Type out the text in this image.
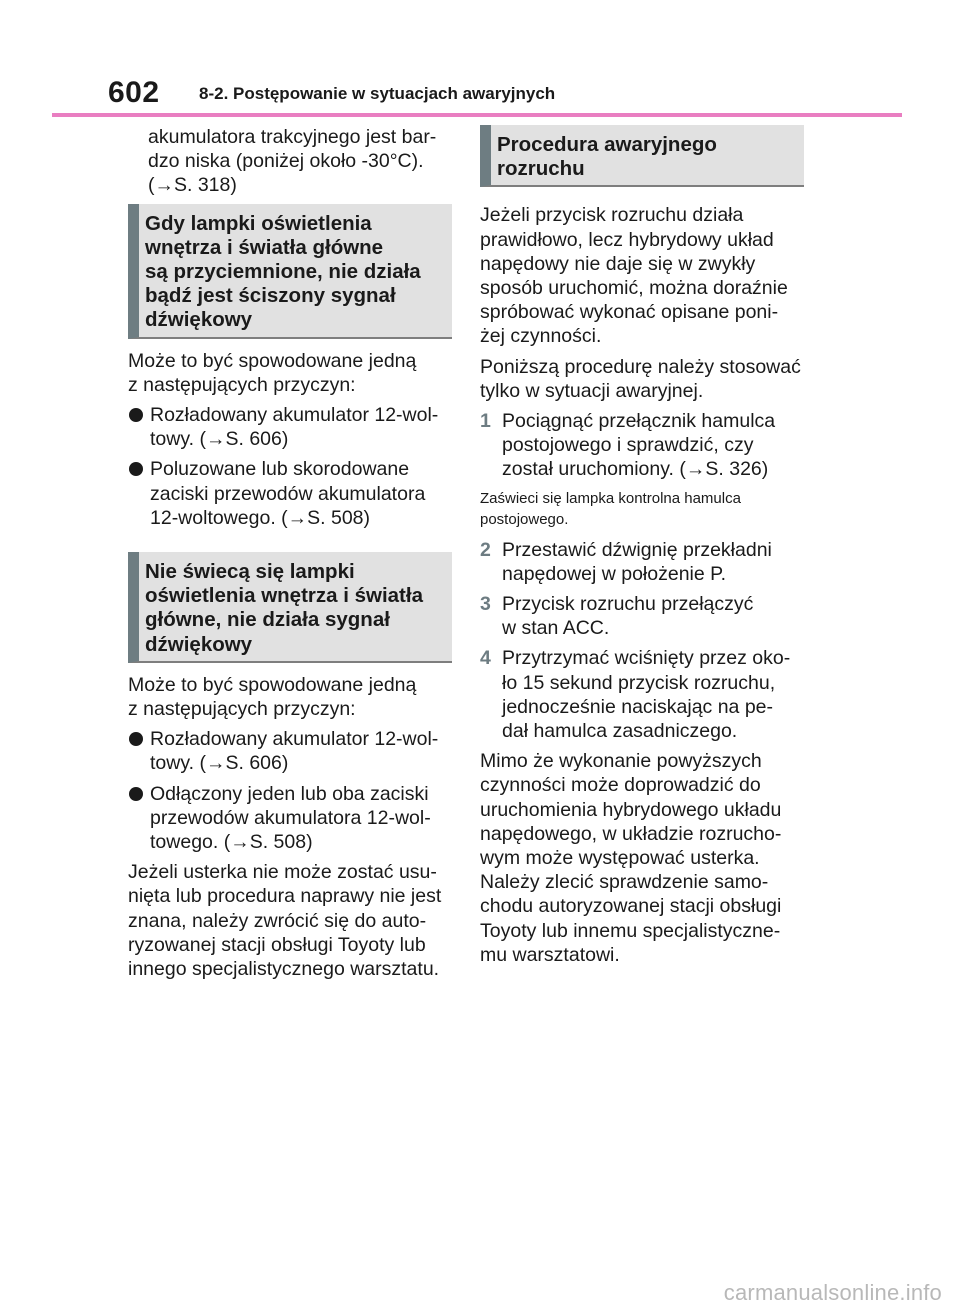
602 8-2. Postępowanie w sytuacjach awaryjnych

akumulatora trakcyjnego jest bar-
dzo niska (poniżej około -30°C).
(→S. 318)

Gdy lampki oświetlenia
wnętrza i światła główne
są przyciemnione, nie działa
bądź jest ściszony sygnał
dźwiękowy

Może to być spowodowane jedną
z następujących przyczyn:

Rozładowany akumulator 12-wol-
towy. (→S. 606)
Poluzowane lub skorodowane
zaciski przewodów akumulatora
12-woltowego. (→S. 508)
Nie świecą się lampki
oświetlenia wnętrza i światła
główne, nie działa sygnał
dźwiękowy

Może to być spowodowane jedną
z następujących przyczyn:

Rozładowany akumulator 12-wol-
towy. (→S. 606)
Odłączony jeden lub oba zaciski
przewodów akumulatora 12-wol-
towego. (→S. 508)

Jeżeli usterka nie może zostać usu-
nięta lub procedura naprawy nie jest
znana, należy zwrócić się do auto-
ryzowanej stacji obsługi Toyoty lub
innego specjalistycznego warsztatu.

Procedura awaryjnego
rozruchu

Jeżeli przycisk rozruchu działa
prawidłowo, lecz hybrydowy układ
napędowy nie daje się w zwykły
sposób uruchomić, można doraźnie
spróbować wykonać opisane poni-
żej czynności.

Poniższą procedurę należy stosować
tylko w sytuacji awaryjnej.

1 Pociągnąć przełącznik hamulca
postojowego i sprawdzić, czy
został uruchomiony. (→S. 326)

Zaświeci się lampka kontrolna hamulca
postojowego.

2 Przestawić dźwignię przekładni
napędowej w położenie P.
3 Przycisk rozruchu przełączyć
w stan ACC.
4 Przytrzymać wciśnięty przez oko-
ło 15 sekund przycisk rozruchu,
jednocześnie naciskając na pe-
dał hamulca zasadniczego.

Mimo że wykonanie powyższych
czynności może doprowadzić do
uruchomienia hybrydowego układu
napędowego, w układzie rozrucho-
wym może występować usterka.
Należy zlecić sprawdzenie samo-
chodu autoryzowanej stacji obsługi
Toyoty lub innemu specjalistyczne-
mu warsztatowi.

carmanualsonline.info
